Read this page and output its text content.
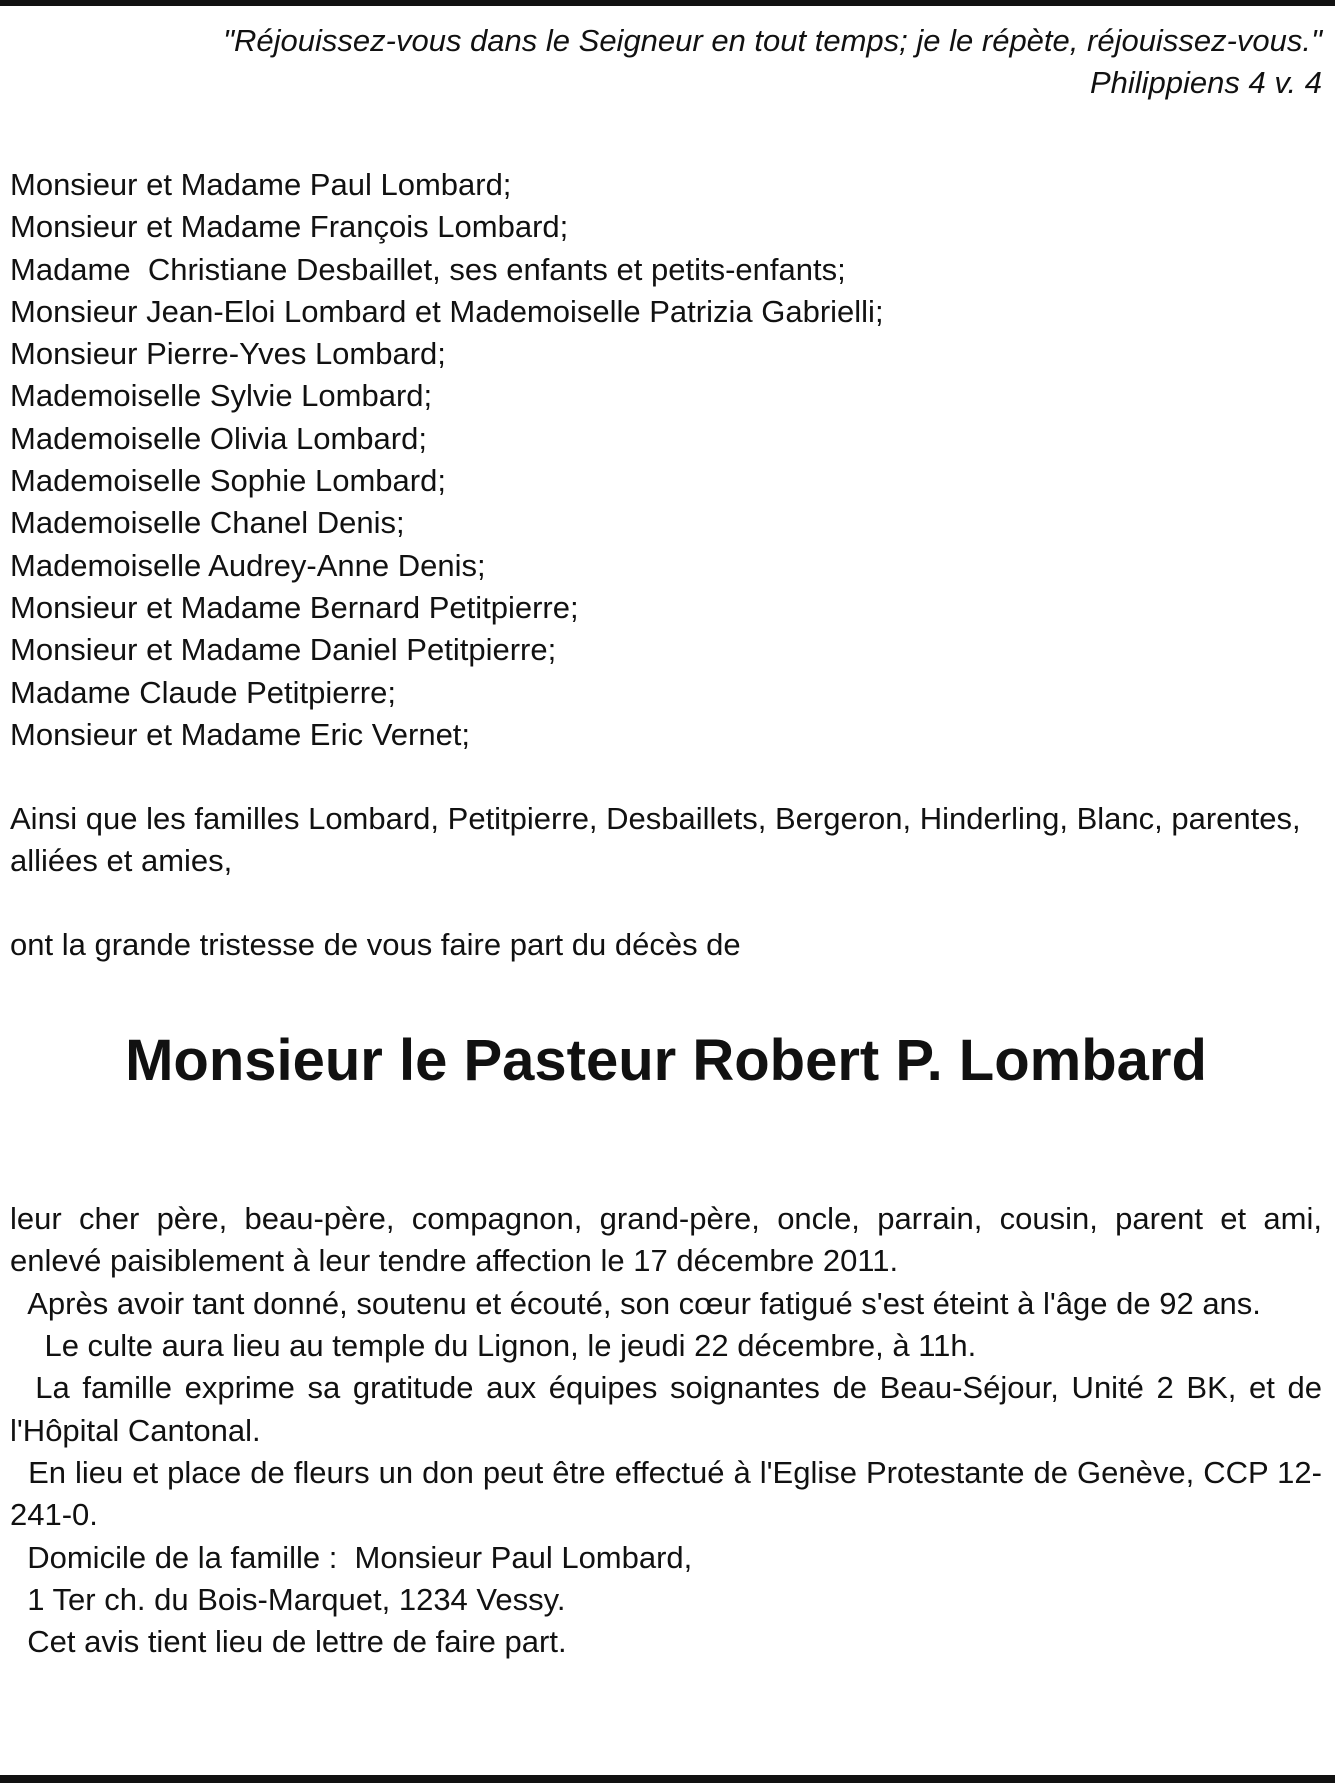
"Réjouissez-vous dans le Seigneur en tout temps; je le répète, réjouissez-vous."
Philippiens 4 v. 4
Monsieur et Madame Paul Lombard;
Monsieur et Madame François Lombard;
Madame  Christiane Desbaillet, ses enfants et petits-enfants;
Monsieur Jean-Eloi Lombard et Mademoiselle Patrizia Gabrielli;
Monsieur Pierre-Yves Lombard;
Mademoiselle Sylvie Lombard;
Mademoiselle Olivia Lombard;
Mademoiselle Sophie Lombard;
Mademoiselle Chanel Denis;
Mademoiselle Audrey-Anne Denis;
Monsieur et Madame Bernard Petitpierre;
Monsieur et Madame Daniel Petitpierre;
Madame Claude Petitpierre;
Monsieur et Madame Eric Vernet;
Ainsi que les familles Lombard, Petitpierre, Desbaillets, Bergeron, Hinderling, Blanc, parentes, alliées et amies,
ont la grande tristesse de vous faire part du décès de
Monsieur le Pasteur Robert P. Lombard
leur cher père, beau-père, compagnon, grand-père, oncle, parrain, cousin, parent et ami, enlevé paisiblement à leur tendre affection le 17 décembre 2011.
Après avoir tant donné, soutenu et écouté, son cœur fatigué s'est éteint à l'âge de 92 ans.
Le culte aura lieu au temple du Lignon, le jeudi 22 décembre, à 11h.
La famille exprime sa gratitude aux équipes soignantes de Beau-Séjour, Unité 2 BK, et de l'Hôpital Cantonal.
En lieu et place de fleurs un don peut être effectué à l'Eglise Protestante de Genève, CCP 12-241-0.
Domicile de la famille :  Monsieur Paul Lombard,
1 Ter ch. du Bois-Marquet, 1234 Vessy.
Cet avis tient lieu de lettre de faire part.
